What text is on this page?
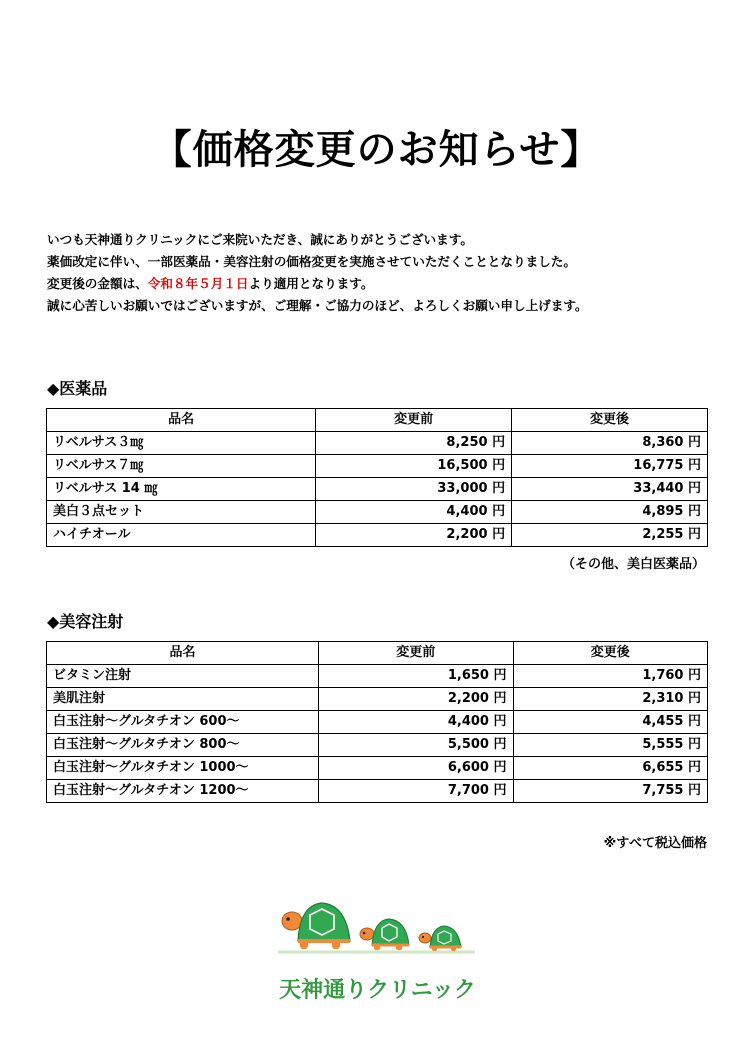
【価格変更のお知らせ】
いつも天神通りクリニックにご来院いただき、誠にありがとうございます。
薬価改定に伴い、一部医薬品・美容注射の価格変更を実施させていただくこととなりました。
変更後の金額は、令和８年５月１日より適用となります。
誠に心苦しいお願いではございますが、ご理解・ご協力のほど、よろしくお願い申し上げます。
◆医薬品
品名	変更前	変更後
リベルサス３㎎	8,250 円	8,360 円
リベルサス７㎎	16,500 円	16,775 円
リベルサス 14 ㎎	33,000 円	33,440 円
美白３点セット	4,400 円	4,895 円
ハイチオール	2,200 円	2,255 円
（その他、美白医薬品）
◆美容注射
品名	変更前	変更後
ビタミン注射	1,650 円	1,760 円
美肌注射	2,200 円	2,310 円
白玉注射～グルタチオン 600～	4,400 円	4,455 円
白玉注射～グルタチオン 800～	5,500 円	5,555 円
白玉注射～グルタチオン 1000～	6,600 円	6,655 円
白玉注射～グルタチオン 1200～	7,700 円	7,755 円
※すべて税込価格
天神通りクリニック
